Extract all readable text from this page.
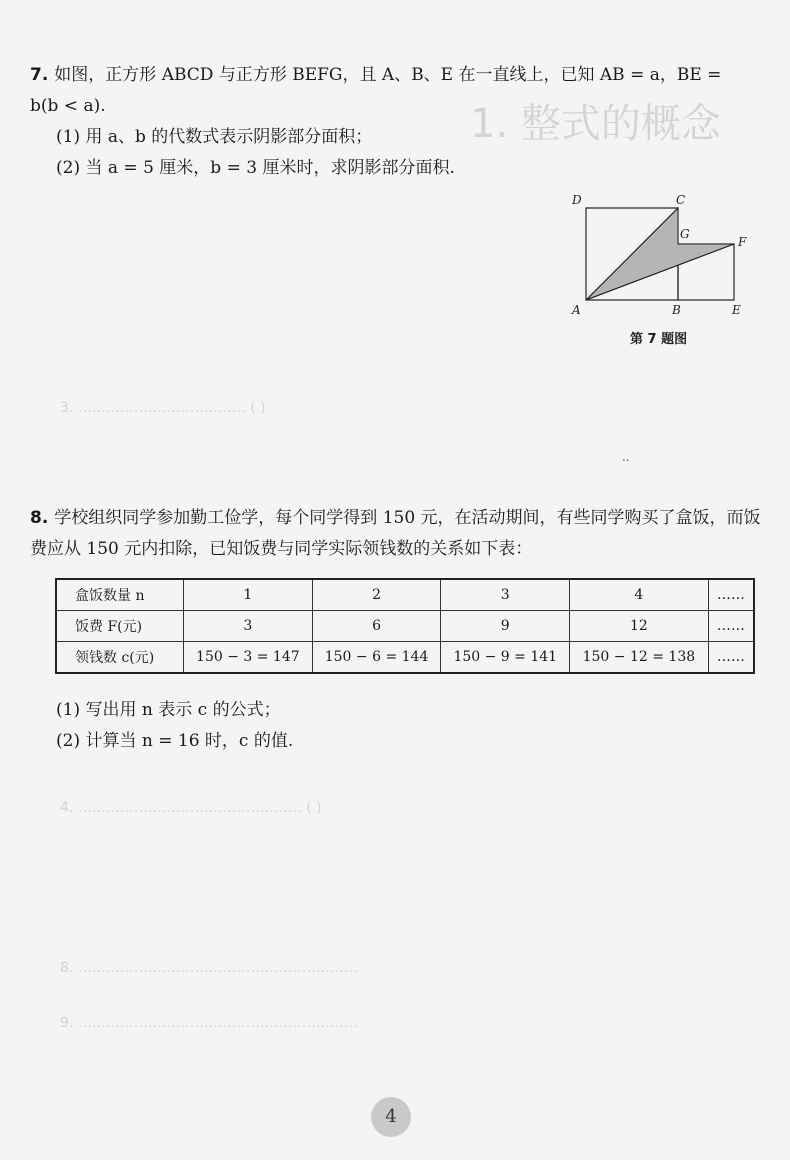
1. 整式的概念
3. ……………………………… ( )
4. ………………………………………… ( )
8. ……………………………………………………
9. ……………………………………………………
7. 如图，正方形 ABCD 与正方形 BEFG，且 A、B、E 在一直线上，已知 AB = a，BE =
b(b < a).
(1) 用 a、b 的代数式表示阴影部分面积；
(2) 当 a = 5 厘米，b = 3 厘米时，求阴影部分面积.
D	C
G
F
A	B	E
第 7 题图
..
8. 学校组织同学参加勤工俭学，每个同学得到 150 元，在活动期间，有些同学购买了盒饭，而饭
费应从 150 元内扣除，已知饭费与同学实际领钱数的关系如下表：
盒饭数量 n	1	2	3	4	……
饭费 F(元)	3	6	9	12	……
领钱数 c(元)	150 − 3 = 147	150 − 6 = 144	150 − 9 = 141	150 − 12 = 138	……
(1) 写出用 n 表示 c 的公式；
(2) 计算当 n = 16 时，c 的值.
4
